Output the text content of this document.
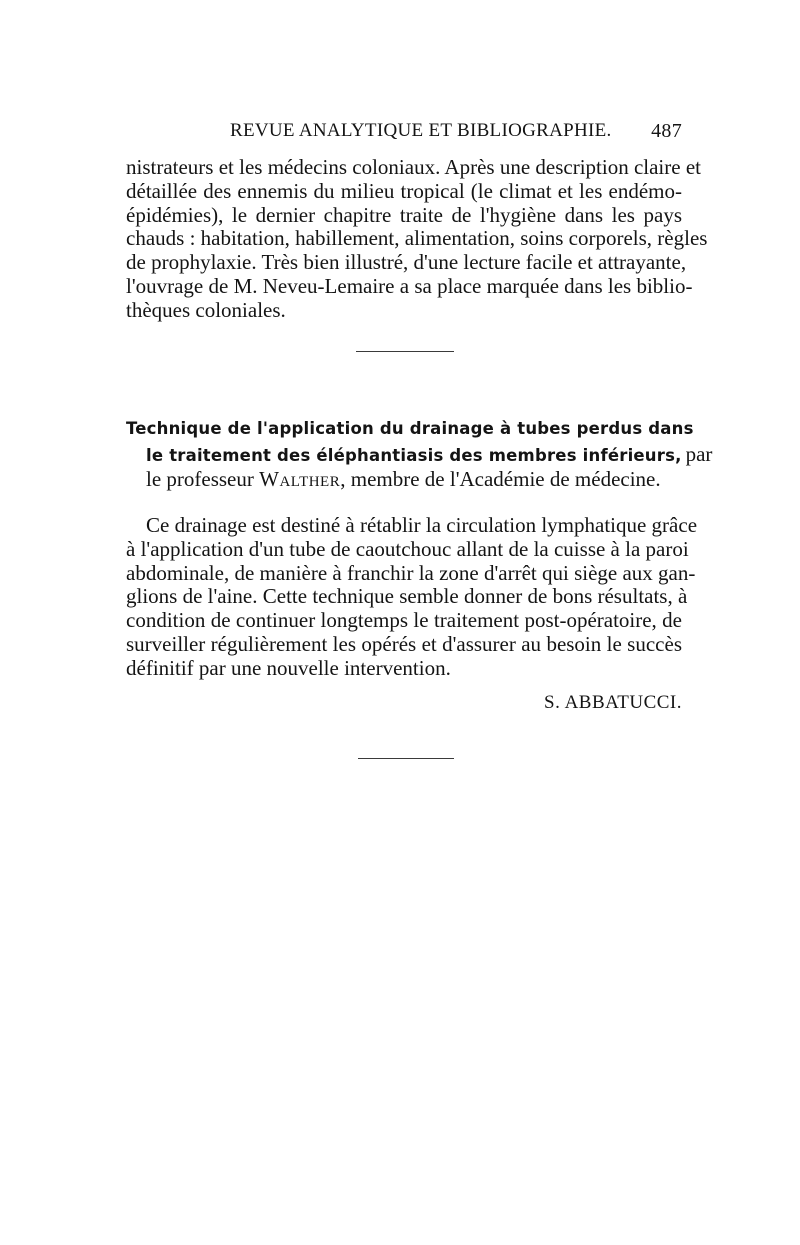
REVUE ANALYTIQUE ET BIBLIOGRAPHIE. 487
nistrateurs et les médecins coloniaux. Après une description claire et
détaillée des ennemis du milieu tropical (le climat et les endémo-
épidémies), le dernier chapitre traite de l'hygiène dans les pays
chauds : habitation, habillement, alimentation, soins corporels, règles
de prophylaxie. Très bien illustré, d'une lecture facile et attrayante,
l'ouvrage de M. Neveu-Lemaire a sa place marquée dans les biblio-
thèques coloniales.
Technique de l'application du drainage à tubes perdus dans
le traitement des éléphantiasis des membres inférieurs, par
le professeur Walther, membre de l'Académie de médecine.
Ce drainage est destiné à rétablir la circulation lymphatique grâce
à l'application d'un tube de caoutchouc allant de la cuisse à la paroi
abdominale, de manière à franchir la zone d'arrêt qui siège aux gan-
glions de l'aine. Cette technique semble donner de bons résultats, à
condition de continuer longtemps le traitement post-opératoire, de
surveiller régulièrement les opérés et d'assurer au besoin le succès
définitif par une nouvelle intervention.
S. ABBATUCCI.
